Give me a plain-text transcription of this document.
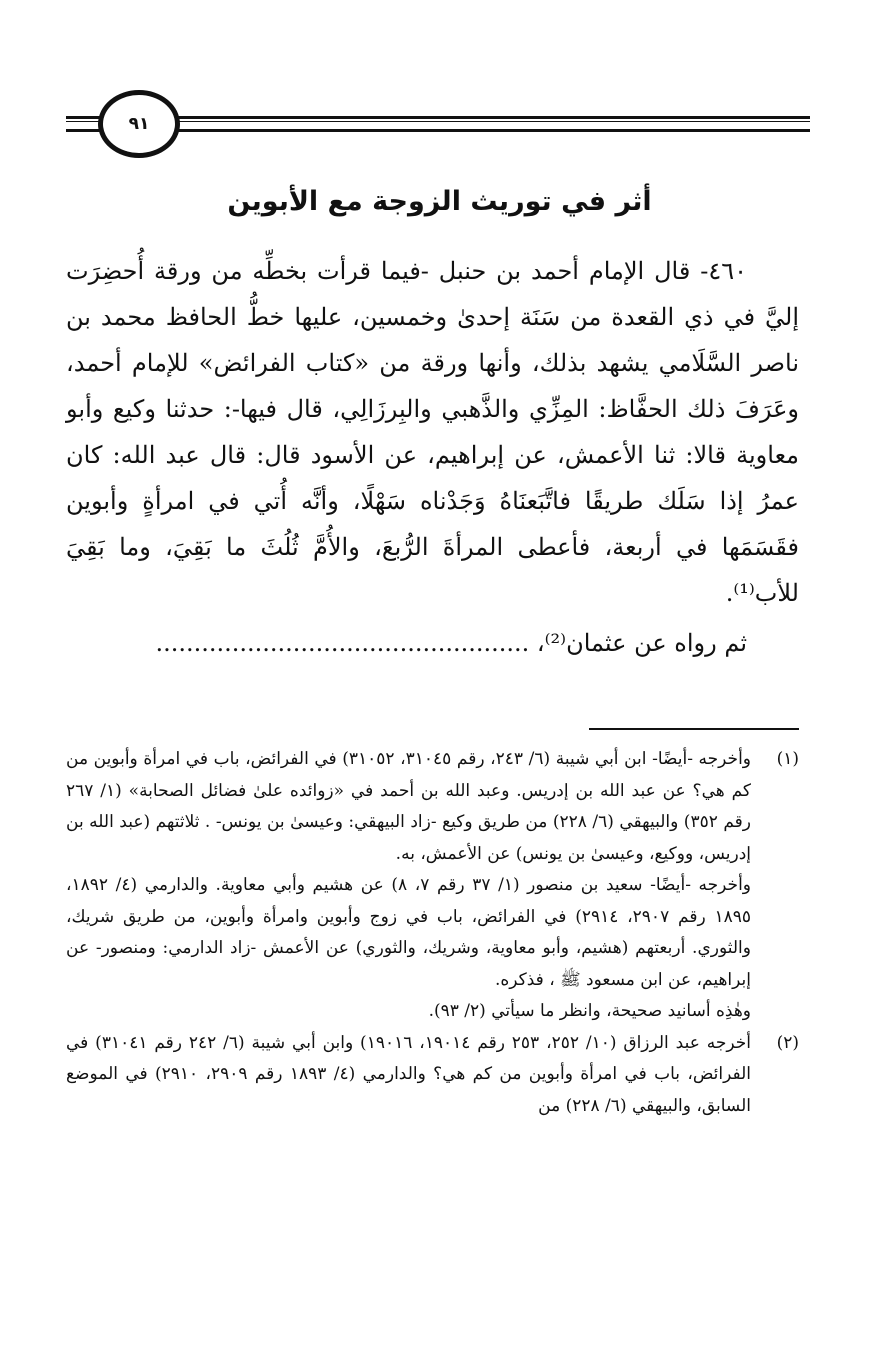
٩١
أثر في توريث الزوجة مع الأبوين

٤٦٠- قال الإمام أحمد بن حنبل -فيما قرأت بخطِّه من ورقة أُحضِرَت إليَّ في ذي القعدة من سَنَة إحدىٰ وخمسين، عليها خطُّ الحافظ محمد بن ناصر السَّلَامي يشهد بذلك، وأنها ورقة من «كتاب الفرائض» للإمام أحمد، وعَرَفَ ذلك الحفَّاظ: المِزِّي والذَّهبي والبِرزَالِي، قال فيها-: حدثنا وكيع وأبو معاوية قالا: ثنا الأعمش، عن إبراهيم، عن الأسود قال: قال عبد الله: كان عمرُ إذا سَلَك طريقًا فاتَّبَعنَاهُ وَجَدْناه سَهْلًا، وأنَّه أُتي في امرأةٍ وأبوين فقَسَمَها في أربعة، فأعطى المرأةَ الرُّبعَ، والأُمَّ ثُلُثَ ما بَقِيَ، وما بَقِيَ للأب⁽¹⁾.

ثم رواه عن عثمان⁽²⁾، .................................................

(١)

وأخرجه -أيضًا- ابن أبي شيبة (٦/ ٢٤٣، رقم ٣١٠٤٥، ٣١٠٥٢) في الفرائض، باب في امرأة وأبوين من كم هي؟ عن عبد الله بن إدريس. وعبد الله بن أحمد في «زوائده علىٰ فضائل الصحابة» (١/ ٢٦٧ رقم ٣٥٢) والبيهقي (٦/ ٢٢٨) من طريق وكيع -زاد البيهقي: وعيسىٰ بن يونس- . ثلاثتهم (عبد الله بن إدريس، ووكيع، وعيسىٰ بن يونس) عن الأعمش، به.

وأخرجه -أيضًا- سعيد بن منصور (١/ ٣٧ رقم ٧، ٨) عن هشيم وأبي معاوية. والدارمي (٤/ ١٨٩٢، ١٨٩٥ رقم ٢٩٠٧، ٢٩١٤) في الفرائض، باب في زوج وأبوين وامرأة وأبوين، من طريق شريك، والثوري. أربعتهم (هشيم، وأبو معاوية، وشريك، والثوري) عن الأعمش -زاد الدارمي: ومنصور- عن إبراهيم، عن ابن مسعود ﷺ ، فذكره.

وهٰذِه أسانيد صحيحة، وانظر ما سيأتي (٢/ ٩٣).

(٢)

أخرجه عبد الرزاق (١٠/ ٢٥٢، ٢٥٣ رقم ١٩٠١٤، ١٩٠١٦) وابن أبي شيبة (٦/ ٢٤٢ رقم ٣١٠٤١) في الفرائض، باب في امرأة وأبوين من كم هي؟ والدارمي (٤/ ١٨٩٣ رقم ٢٩٠٩، ٢٩١٠) في الموضع السابق، والبيهقي (٦/ ٢٢٨) من
